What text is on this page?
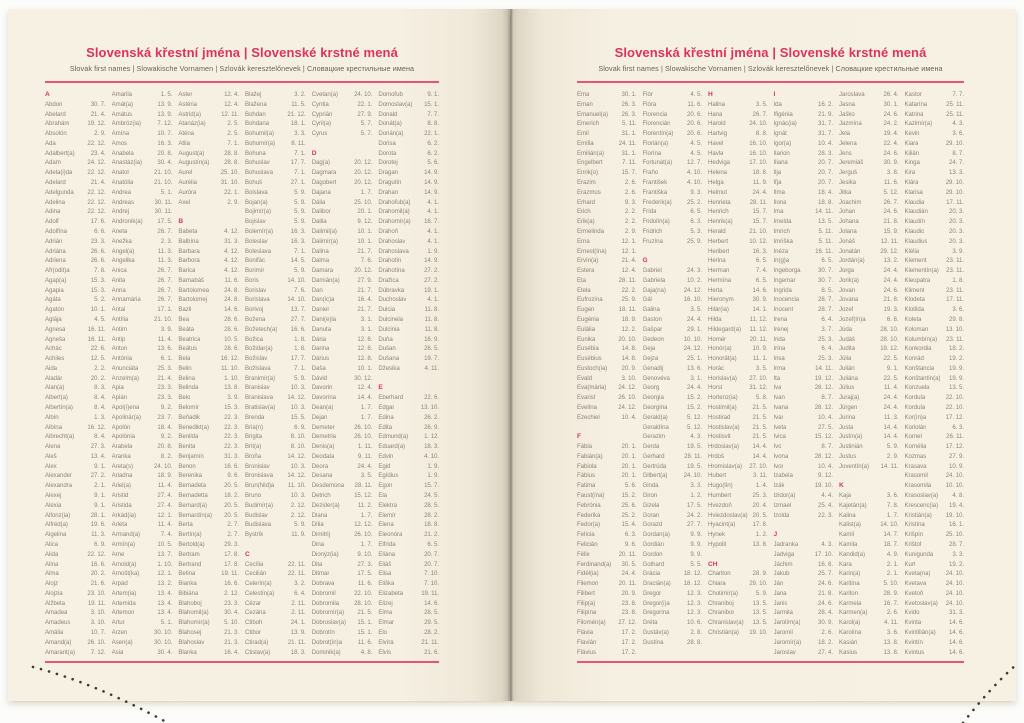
Slovenská křestní jména | Slovenské krstné mená
Slovak first names | Slowakische Vornamen | Szlovák keresztelőnevek | Словацкие крестильные имена
A
Abdon	30. 7.
Abelard	21. 4.
Abrahám	19. 12.
Absolón	2. 9.
Ada	22. 12.
Adalbert(a)	23. 4.
Adam	24. 12.
Adela(i)da	22. 12.
Adelard	21. 4.
Adelgunda	22. 12.
Adelina	22. 12.
Adina	22. 12.
Adolf	17. 6.
Adolfína	6. 6.
Adrián	23. 3.
Adriána	26. 6.
Adriena	26. 6.
Afr(odit)a	7. 8.
Agap(a)	15. 3.
Agapia	15. 3.
Agáta	5. 2.
Agatón	10. 1.
Aglája	4. 5.
Agnesa	16. 11.
Agneša	16. 11.
Achác	22. 6.
Achiles	12. 5.
Aida	2. 2.
Aladár	20. 2.
Alan(a)	8. 3.
Albert(a)	8. 4.
Albertín(a)	8. 4.
Albín	1. 3.
Albína	16. 12.
Albrecht(a)	8. 4.
Alena	27. 3.
Aleš	13. 4.
Alex	9. 1.
Alexander	27. 2.
Alexandra	2. 1.
Alexej	9. 1.
Alexia	9. 1.
Alfonz(ia)	28. 1.
Alfréd(a)	19. 6.
Algelina	11. 3.
Alica	6. 9.
Alida	22. 12.
Alina	16. 6.
Alma	20. 2.
Alojz	21. 6.
Alojzia	23. 10.
Alžbeta	19. 11.
Amadea	3. 10.
Amadeus	3. 10.
Amália	10. 7.
Amand(a)	26. 10.
Amarant(a)	7. 12.
Amarila	1. 5.
Amát(a)	13. 9.
Amátus	13. 9.
Ambróz(ia)	7. 12.
Amína	10. 7.
Amos	16. 3.
Anabela	20. 8.
Anastáz(ia)	30. 4.
Anatol	21. 10.
Anatólia	21. 10.
Andrea	5. 1.
Andreas	30. 11.
Andrej	30. 11.
Andronik(a)	17. 5.
Aneta	26. 7.
Anežka	2. 3.
Angel(a)	11. 3.
Angelika	11. 3.
Anica	26. 7.
Anita	26. 7.
Anna	26. 7.
Annamária	26. 7.
Antal	17. 1.
Antília	21. 10.
Antim	3. 9.
Antip	11. 4.
Anton	13. 6.
Antónia	6. 1.
Anunciáta	25. 3.
Anzelm(a)	21. 4.
Apia	23. 3.
Apián	23. 3.
Apol(í)ena	9. 2.
Apolinár(a)	23. 7.
Apolón	18. 4.
Apolónia	9. 2.
Arabela	20. 8.
Aranka	8. 2.
Areta(s)	24. 10.
Ariadna	18. 9.
Ariel(a)	11. 4.
Aristid	27. 4.
Aristida	27. 4.
Arkád(ia)	12. 1.
Arleta	11. 4.
Armand(a)	7. 4.
Armín(a)	10. 5.
Arne	13. 7.
Arnold(a)	1. 10.
Arnošt(ka)	12. 1.
Arpád	13. 2.
Artem(ia)	13. 4.
Artemida	13. 4.
Artemon	13. 4.
Artur	5. 1.
Arzen	30. 10.
Asen(a)	30. 10.
Asia	30. 4.
Aster	12. 4.
Astéria	12. 4.
Astrid(a)	12. 11.
Atanáz(ia)	2. 5.
Aténa	2. 5.
Atila	7. 1.
August(a)	28. 8.
Augustín(a)	28. 8.
Aurel	25. 10.
Aurélia	31. 10.
Auróra	22. 1.
Axel	2. 9.
B
Babeta	4. 12.
Balbína	31. 3.
Barbara	4. 12.
Barbora	4. 12.
Barica	4. 12.
Barnabáš	11. 6.
Bartolomea	24. 8.
Bartolomej	24. 8.
Bazil	14. 6.
Bea	28. 6.
Beáta	28. 6.
Beatrica	10. 5.
Beátus	28. 6.
Bela	16. 12.
Belin	11. 10.
Belina	1. 10.
Belinda	13. 8.
Belo	3. 9.
Belomír	15. 3.
Beňadik	22. 3.
Benedikt(a)	22. 3.
Benilda	22. 3.
Benita	22. 3.
Benjamín	31. 3.
Benon	16. 6.
Berenika	9. 6.
Bernadeta	20. 5.
Bernadetta	18. 2.
Bernard(a)	20. 5.
Bernardín(a)	20. 5.
Berta	2. 7.
Bertín(a)	2. 7.
Bertold(a)	29. 3.
Bertram	17. 8.
Bertrand	17. 8.
Betina	19. 11.
Bianka	16. 6.
Bibiána	2. 12.
Blahoboj	23. 3.
Blahomil(a)	30. 4.
Blahomír(a)	5. 10.
Blahosej	21. 3.
Blahoslav	21. 3.
Blanka	16. 4.
Blažej	3. 2.
Blažena	11. 5.
Bohdan	21. 12.
Bohdana	18. 1.
Bohumil(a)	3. 3.
Bohumír(a)	8. 11.
Bohuna	7. 1.
Bohuslav	17. 7.
Bohuslava	7. 1.
Bohuš	27. 1.
Boislava	5. 9.
Bojan(a)	5. 9.
Bojimír(a)	5. 9.
Bojislav	5. 9.
Bolemír(a)	16. 3.
Boleslav	16. 3.
Boleslava	7. 1.
Bonifác	14. 5.
Borimír	5. 9.
Boris	14. 10.
Borislav	7. 6.
Borislava	14. 10.
Borivoj	13. 7.
Božena	27. 7.
Božetech(a)	16. 6.
Božica	1. 8.
Božidar(a)	1. 8.
Božislav	17. 7.
Božislava	7. 1.
Branimír(a)	5. 9.
Branislav	10. 3.
Branislava	14. 12.
Bratislav(a)	10. 3.
Brenda	15. 5.
Bria(n)	6. 9.
Brigita	8. 10.
Brit(a)	8. 10.
Broňa	14. 12.
Bronislav	10. 3.
Bronislava	14. 12.
Brun(hild)a	11. 10.
Bruno	10. 3.
Budimír(a)	2. 12.
Budislav	2. 12.
Budislava	5. 9.
Bystrík	11. 9.
C
Cecília	22. 11.
Cecilián	22. 11.
Celerín(a)	3. 2.
Celestín(a)	6. 4.
Cézar	2. 11.
Cezária	2. 11.
Ctiboh	24. 1.
Ctibor	13. 9.
Ctirad(a)	21. 11.
Ctislav(a)	18. 3.
Cvetan(a)	24. 10.
Cyntia	22. 1.
Cyprián	27. 9.
Cyril(a)	5. 7.
Cyrus	5. 7.
D
Dag(a)	20. 12.
Dagmara	20. 12.
Dagobert	20. 12.
Dajana	1. 7.
Dália	25. 10.
Dalibor	20. 1.
Dalila	9. 12.
Dalimil(a)	10. 1.
Dalimír(a)	10. 1.
Dalina	21. 7.
Dalma	7. 6.
Damara	20. 12.
Damián(a)	27. 9.
Dan	21. 7.
Dan(ic)a	16. 4.
Daniel	21. 7.
Dani(e)la	3. 1.
Danuta	3. 1.
Dária	12. 8.
Darina	12. 8.
Dárius	12. 8.
Daša	10. 1.
Dávid	30. 12.
Davorin	12. 4.
Davorína	14. 4.
Dean(a)	1. 7.
Dejan	1. 7.
Demeter	26. 10.
Demetria	26. 10.
Denis(a)	1. 11.
Deodata	9. 11.
Deora	24. 4.
Desana	3. 5.
Desdemona	28. 11.
Detrich	15. 12.
Dezider(a)	11. 2.
Diana	1. 7.
Dília	12. 12.
Dimitrij	26. 10.
Dina	1. 7.
Dionýz(ia)	9. 10.
Dita	27. 3.
Ditmar	17. 5.
Dobrava	11. 6.
Dobromil	22. 10.
Dobromila	28. 10.
Dobromír(a)	21. 5.
Dobroslav(a)	15. 1.
Dobrotín	15. 1.
Dobrot(ín)a	11. 6.
Dominik(a)	4. 8.
Domoľub	9. 1.
Domoslav(a)	15. 1.
Donald	7. 7.
Donát(a)	8. 8.
Dorián(a)	22. 1.
Dorisa	6. 2.
Dorota	6. 2.
Dorotej	5. 6.
Dragan	14. 9.
Dragutín	14. 9.
Drahan	14. 9.
Drahoľub(a)	4. 1.
Drahomil(a)	4. 1.
Drahomír(a)	16. 7.
Drahoň	4. 1.
Drahoslav	4. 1.
Drahoslava	1. 9.
Drahotín	14. 9.
Drahotína	27. 2.
Dražica	27. 2.
Dúbravka	19. 1.
Duchoslav	4. 1.
Dulcia	11. 8.
Dulcinela	11. 8.
Dulcinia	11. 8.
Duňa	16. 9.
Dušan	26. 5.
Dušana	19. 7.
Džesika	4. 11.
E
Eberhard	22. 6.
Edgar	13. 10.
Edina	26. 2.
Edita	26. 9.
Edmund(a)	1. 12.
Eduard(a)	18. 3.
Edvin	4. 10.
Egid	1. 9.
Egídius	1. 9.
Egon	15. 7.
Ela	24. 5.
Elektra	28. 5.
Elemír	28. 2.
Elena	18. 8.
Eleonóra	21. 2.
Elfrída	6. 5.
Eliána	20. 7.
Eliáš	20. 7.
Elisa	7. 10.
Eliška	7. 10.
Elizabeta	19. 11.
Elizej	14. 6.
Elma	28. 5.
Elmar	29. 5.
Elo	28. 2.
Elvíra	21. 11.
Elvis	21. 6.
Slovenská křestní jména | Slovenské krstné mená
Slovak first names | Slowakische Vornamen | Szlovák keresztelőnevek | Словацкие крестильные имена
Ema	30. 1.
Eman	26. 3.
Emanuel(a)	26. 3.
Emerich	5. 11.
Emil	31. 1.
Emília	24. 11.
Emilián(a)	31. 1.
Engelbert	7. 11.
Enrik(o)	15. 7.
Erazim	2. 6.
Erazmus	2. 6.
Erhard	9. 3.
Erich	2. 2.
Erik(a)	2. 2.
Ermelinda	2. 9.
Erna	12. 1.
Ernest(ína)	12. 1.
Ervín(a)	21. 4.
Estera	12. 4.
Eta	28. 11.
Etela	22. 2.
Eufrozína	25. 9.
Eugen	18. 11.
Eugénia	18. 9.
Eulália	12. 2.
Eunika	20. 10.
Eusébia	14. 8.
Eusébius	14. 8.
Eustoch(ia)	20. 9.
Evald	3. 10.
Eva(mária)	24. 12.
Evarist	26. 10.
Evelína	24. 12.
Ezechiel	10. 4.
F
Fábia	20. 1.
Fabián(a)	20. 1.
Fabiola	20. 1.
Fábius	20. 1.
Fatima	5. 6.
Faust(ína)	15. 2.
Febrónia	25. 6.
Federika	25. 2.
Fedor(a)	15. 4.
Felícia	6. 3.
Felicián	9. 6.
Félix	20. 11.
Ferdinand(a)	30. 5.
Fidél(ia)	24. 4.
Filemon	20. 11.
Filibert	20. 9.
Filip(a)	23. 8.
Filipína	23. 8.
Filomén(a)	27. 12.
Flávia	17. 2.
Flavián	17. 2.
Flávius	17. 2.
Flór	4. 5.
Flóra	11. 6.
Florencia	20. 6.
Florencián	20. 6.
Florentín(a)	20. 6.
Florián(a)	4. 5.
Florína	4. 5.
Fortunát(a)	12. 7.
Fraňo	4. 10.
František	4. 10.
Františka	9. 3.
Frederik(a)	25. 2.
Frída	6. 5.
Fridolín(a)	6. 3.
Fridrich	5. 3.
Fruzína	25. 9.
G
Gabriel	24. 3.
Gabriela	10. 2.
Gaja(na)	24. 12.
Gál	16. 10.
Galina	3. 5.
Gaston	24. 4.
Gašpar	29. 1.
Gedeon	10. 10.
Geja	24. 12.
Gejza	25. 1.
Genadij	13. 6.
Genovéva	3. 1.
Georg	24. 4.
Georgia	15. 2.
Georgína	15. 2.
Gerald(a)	5. 12.
Geraldína	5. 12.
Gerazim	4. 3.
Gerda	19. 5.
Gerhard	28. 11.
Gertrúda	19. 5.
Gilbert(a)	24. 10.
Ginda	3. 3.
Giron	1. 2.
Gizela	17. 5.
Goran	24. 2.
Gorazd	27. 7.
Gordan(a)	9. 9.
Gordián	9. 9.
Gordon	9. 9.
Gothard	5. 5.
Grácia	18. 12.
Gracián(a)	18. 12.
Gregor	12. 3.
Gregor(i)a	12. 3.
Gregorína	12. 3.
Gréta	10. 6.
Gustáv(a)	2. 8.
Gustína	28. 8.
H
Halina	3. 5.
Hana	26. 7.
Harold	24. 10.
Hartvig	8. 8.
Havel	16. 10.
Havla	16. 10.
Hedviga	17. 10.
Helena	18. 8.
Helga	11. 9.
Helmut	24. 4.
Henrieta	28. 11.
Henrich	15. 7.
Henrik(a)	15. 7.
Herald	21. 10.
Herbert	10. 12.
Heribert	16. 3.
Herina	6. 5.
Herman	7. 4.
Hermína	6. 5.
Herta	14. 6.
Hieronym	30. 9.
Hilár(ia)	14. 1.
Hilda	11. 12.
Hildegard(a)	11. 12.
Homér	20. 11.
Honór(a)	10. 9.
Honorát(a)	11. 1.
Horác	3. 5.
Horislav(a)	27. 10.
Horst	31. 12.
Hortenz(ia)	5. 8.
Hostimil(a)	21. 5.
Hostirad	21. 5.
Hostislav(a)	21. 5.
Hostisvit	21. 5.
Hrdoslav(a)	14. 4.
Hrdoš	14. 4.
Hromislav(a)	27. 10.
Hubert	3. 11.
Hugo(lín)	1. 4.
Humbert	25. 3.
Hvezdoň	20. 4.
Hviezdoslav(a) 20. 5.
Hyacint(a)	17. 8.
Hynek	1. 2.
Hypolit	13. 8.
CH
Chariton	28. 9.
Chiara	29. 10.
Chotimír(a)	5. 9.
Chraniboj	13. 5.
Chranibor	13. 5.
Chranislav(a)	13. 5.
Christián(a)	19. 10.
I
Ida	16. 2.
Ifigénia	21. 9.
Ignác(ia)	31. 7.
Ignát	31. 7.
Igor(a)	10. 4.
Ilarion	28. 3.
Iliana	20. 7.
Ilja	20. 7.
Iľja	20. 7.
Ilma	18. 4.
Ilona	18. 8.
Ima	14. 11.
Imelda	13. 5.
Imrich	5. 11.
Imriška	5. 11.
Inéza	16. 11.
In(g)a	6. 5.
Ingeborga	30. 7.
Ingemar	30. 7.
Ingrida	8. 5.
Inocencia	28. 7.
Inocent	28. 7.
Irena	6. 4.
Irenej	3. 7.
Irida	25. 3.
Irína	6. 4.
Irisa	25. 3.
Irma	14. 11.
Ita	19. 12.
Iva	28. 12.
Ivan	8. 7.
Ivana	28. 12.
Ivar	10. 4.
Iveta	27. 5.
Ivica	15. 12.
Ivo	8. 7.
Ivona	28. 12.
Ivor	10. 4.
Izabela	9. 12.
Izák	19. 10.
Izidor(a)	4. 4.
Izmael	25. 4.
Izolda	22. 3.
J
Jadranka	4. 3.
Jadviga	17. 10.
Jáchim	16. 8.
Jakub	25. 7.
Ján	24. 6.
Jana	21. 8.
Janis	24. 6.
Jarmila	28. 4.
Jarolím(a)	30. 9.
Jaromil	2. 6.
Jaromír(a)	18. 2.
Jaroslav	27. 4.
Jaroslava	26. 4.
Jasna	30. 1.
Jaško	24. 6.
Jazmína	24. 2.
Jela	19. 4.
Jelena	22. 4.
Jens	24. 6.
Jeremiáš	30. 9.
Jerguš	3. 8.
Jesika	11. 6.
Jitka	5. 12.
Joachim	26. 7.
Johan	24. 6.
Johana	21. 8.
Jolana	15. 9.
Jonáš	12. 11.
Jonatán	29. 12.
Jordán(a)	13. 2.
Jorga	24. 4.
Jorik(a)	24. 4.
Jovan	24. 6.
Jovana	21. 8.
Jozef	19. 3.
Jozef(ín)a	6. 8.
Júda	28. 10.
Judáš	28. 10.
Judita	19. 12.
Júlia	22. 5.
Julián	9. 1.
Juliána	22. 5.
Július	11. 4.
Juraj(a)	24. 4.
Jürgen	24. 4.
Jurina	11. 3.
Justa	14. 4.
Justín(a)	14. 4.
Justinián	5. 9.
Justus	2. 9.
Juventín(a)	14. 11.
K
Kaja	3. 6.
Kajetán(a)	7. 8.
Kalina	1. 7.
Kalist(a)	14. 10.
Kamil	14. 7.
Kamila	18. 7.
Kandid(a)	4. 9.
Kara	2. 1.
Karin(a)	2. 1.
Karitína	5. 10.
Kariton	28. 9.
Karmela	16. 7.
Karmen(a)	2. 6.
Karol(a)	4. 11.
Karolína	3. 6.
Kasián	13. 8.
Kasius	13. 8.
Kastor	7. 7.
Katarína	25. 11.
Katrina	25. 11.
Kazimír(a)	4. 3.
Kevin	3. 6.
Kiara	29. 10.
Kilián	8. 7.
Kinga	24. 7.
Kira	13. 3.
Klára	29. 10.
Klarisa	29. 10.
Klaudia	17. 11.
Klaudián	20. 3.
Klaudín	20. 3.
Klaudio	20. 3.
Klaudius	20. 3.
Klélia	3. 9.
Klement	23. 11.
Klementín(a)	23. 11.
Kleopatra	1. 8.
Kliment	23. 11.
Klodeta	17. 11.
Klotilda	3. 6.
Koleta	29. 8.
Koloman	13. 10.
Kolumbín(a)	23. 11.
Konkordia	18. 2.
Konrád	19. 2.
Konštancia	19. 9.
Konštantín(a)	19. 9.
Konzuela	13. 5.
Kordula	22. 10.
Kordula	22. 10.
Kor(ín)a	17. 12.
Koriolán	6. 3.
Kornel	26. 11.
Kornélia	17. 12.
Kozmas	27. 9.
Krasava	10. 9.
Krasomil	24. 10.
Krasomila	10. 10.
Krasoslav(a)	4. 8.
Krescenc(ia)	19. 4.
Kristián(a)	19. 10.
Kristína	16. 1.
Krišpín	25. 10.
Krištof	28. 7.
Kunigunda	3. 3.
Kurt	19. 2.
Kveta(na)	24. 10.
Kvetava	24. 10.
Kvetoň	24. 10.
Kvetoslav(a)	24. 10.
Kvido	31. 3.
Kvinta	14. 6.
Kvintilián(a)	14. 6.
Kvintín	14. 6.
Kvintus	14. 6.
